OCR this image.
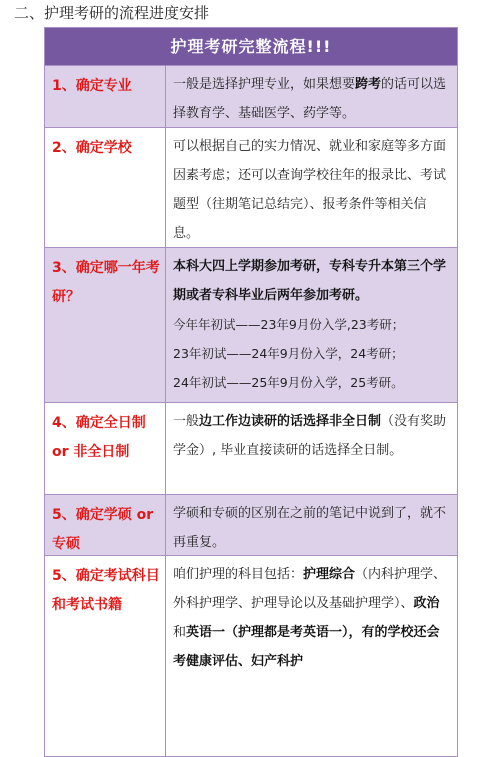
二、护理考研的流程进度安排
护理考研完整流程!!!
1、确定专业	一般是选择护理专业，如果想要跨考的话可以选择教育学、基础医学、药学等。
2、确定学校	可以根据自己的实力情况、就业和家庭等多方面因素考虑；还可以查询学校往年的报录比、考试题型（往期笔记总结完）、报考条件等相关信息。
3、确定哪一年考研？

本科大四上学期参加考研，专科专升本第三个学期或者专科毕业后两年参加考研。

今年年初试——23年9月份入学,23考研；

23年初试——24年9月份入学，24考研；

24年初试——25年9月份入学，25考研。

4、确定全日制 or 非全日制
一般边工作边读研的话选择非全日制（没有奖助学金）, 毕业直接读研的话选择全日制。
5、确定学硕 or 专硕
学硕和专硕的区别在之前的笔记中说到了，就不再重复。
5、确定考试科目和考试书籍
咱们护理的科目包括：护理综合（内科护理学、外科护理学、护理导论以及基础护理学）、政治和英语一（护理都是考英语一），有的学校还会考健康评估、妇产科护
